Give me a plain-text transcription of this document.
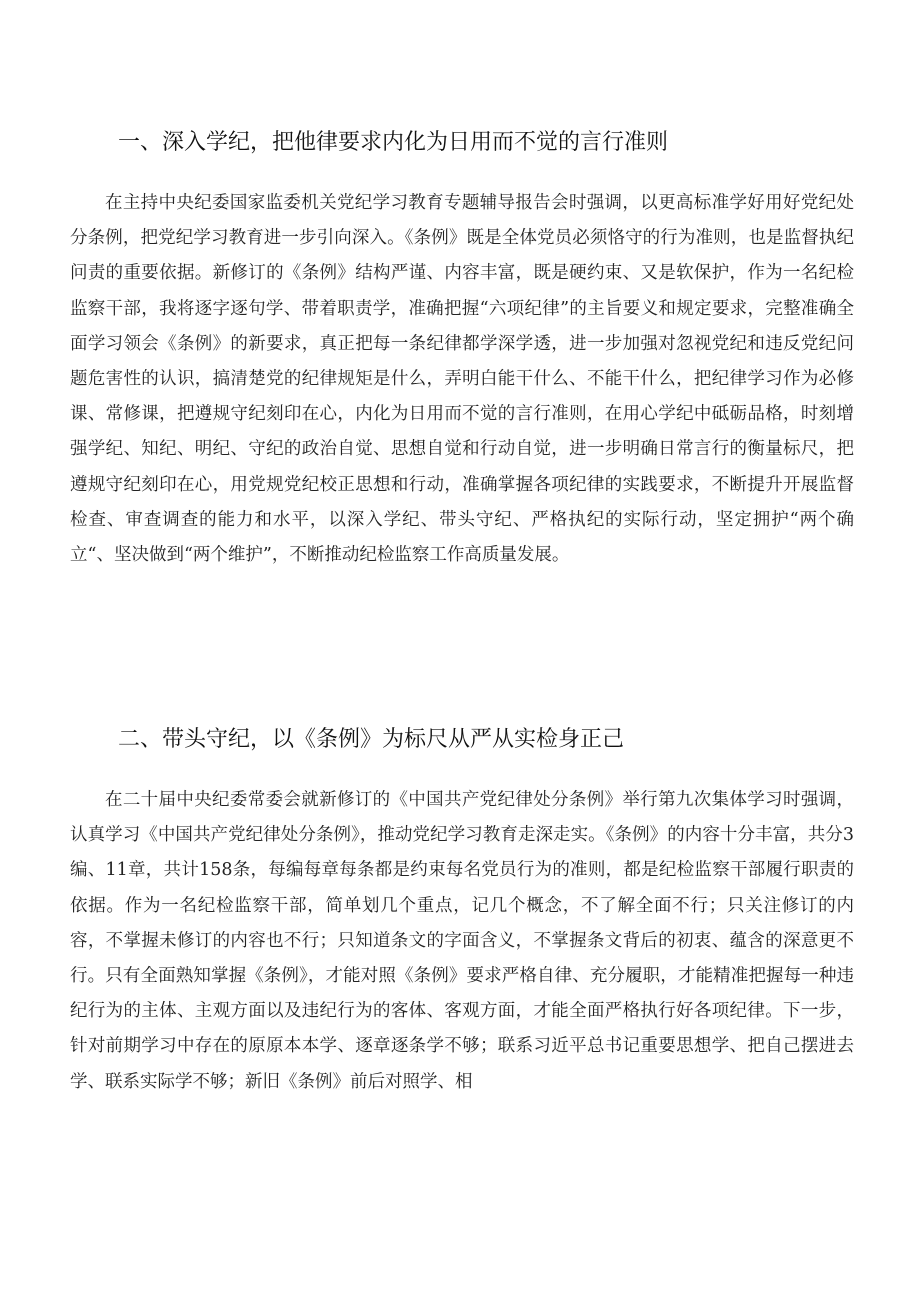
一、深入学纪，把他律要求内化为日用而不觉的言行准则

在主持中央纪委国家监委机关党纪学习教育专题辅导报告会时强调，以更高标准学好用好党纪处分条例，把党纪学习教育进一步引向深入。《条例》既是全体党员必须恪守的行为准则，也是监督执纪问责的重要依据。新修订的《条例》结构严谨、内容丰富，既是硬约束、又是软保护，作为一名纪检监察干部，我将逐字逐句学、带着职责学，准确把握“六项纪律”的主旨要义和规定要求，完整准确全面学习领会《条例》的新要求，真正把每一条纪律都学深学透，进一步加强对忽视党纪和违反党纪问题危害性的认识，搞清楚党的纪律规矩是什么，弄明白能干什么、不能干什么，把纪律学习作为必修课、常修课，把遵规守纪刻印在心，内化为日用而不觉的言行准则，在用心学纪中砥砺品格，时刻增强学纪、知纪、明纪、守纪的政治自觉、思想自觉和行动自觉，进一步明确日常言行的衡量标尺，把遵规守纪刻印在心，用党规党纪校正思想和行动，准确掌握各项纪律的实践要求，不断提升开展监督检查、审查调查的能力和水平，以深入学纪、带头守纪、严格执纪的实际行动，坚定拥护“两个确立“、坚决做到“两个维护”，不断推动纪检监察工作高质量发展。

二、带头守纪，以《条例》为标尺从严从实检身正己

在二十届中央纪委常委会就新修订的《中国共产党纪律处分条例》举行第九次集体学习时强调，认真学习《中国共产党纪律处分条例》，推动党纪学习教育走深走实。《条例》的内容十分丰富，共分3编、11章，共计158条，每编每章每条都是约束每名党员行为的准则，都是纪检监察干部履行职责的依据。作为一名纪检监察干部，简单划几个重点，记几个概念，不了解全面不行；只关注修订的内容，不掌握未修订的内容也不行；只知道条文的字面含义，不掌握条文背后的初衷、蕴含的深意更不行。只有全面熟知掌握《条例》，才能对照《条例》要求严格自律、充分履职，才能精准把握每一种违纪行为的主体、主观方面以及违纪行为的客体、客观方面，才能全面严格执行好各项纪律。下一步，针对前期学习中存在的原原本本学、逐章逐条学不够；联系习近平总书记重要思想学、把自己摆进去学、联系实际学不够；新旧《条例》前后对照学、相
